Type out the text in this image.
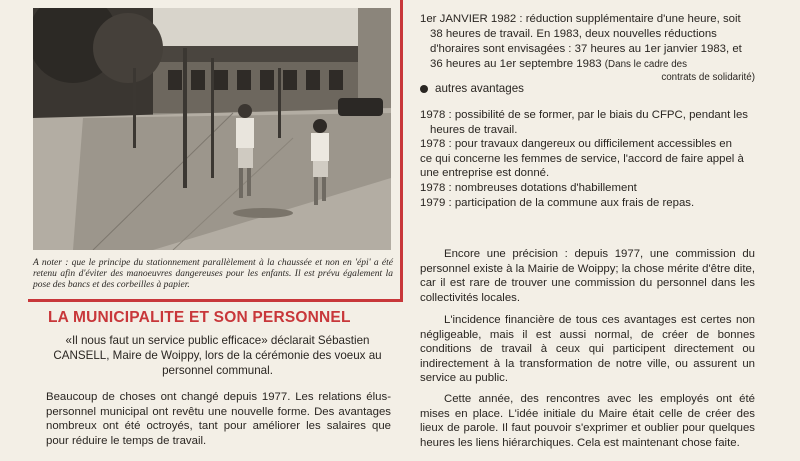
A noter : que le principe du stationnement parallèlement à la chaussée et non en 'épi' a été retenu afin d'éviter des manoeuvres dangereuses pour les enfants. Il est prévu également la pose des bancs et des corbeilles à papier.
LA MUNICIPALITE ET SON PERSONNEL
«Il nous faut un service public efficace» déclarait Sébastien CANSELL, Maire de Woippy, lors de la cérémonie des voeux au personnel communal.
Beaucoup de choses ont changé depuis 1977. Les relations élus-personnel municipal ont revêtu une nouvelle forme. Des avantages nombreux ont été octroyés, tant pour améliorer les salaires que pour réduire le temps de travail.
1er JANVIER 1982 : réduction supplémentaire d'une heure, soit
38 heures de travail. En 1983, deux nouvelles réductions
d'horaires sont envisagées : 37 heures au 1er janvier 1983, et
36 heures au 1er septembre 1983 (Dans le cadre des
contrats de solidarité)
autres avantages
1978 : possibilité de se former, par le biais du CFPC, pendant les
heures de travail.
1978 : pour travaux dangereux ou difficilement accessibles en
ce qui concerne les femmes de service, l'accord de faire appel à
une entreprise est donné.
1978 : nombreuses dotations d'habillement
1979 : participation de la commune aux frais de repas.
Encore une précision : depuis 1977, une commission du personnel existe à la Mairie de Woippy; la chose mérite d'être dite, car il est rare de trouver une commission du personnel dans les collectivités locales.
L'incidence financière de tous ces avantages est certes non négligeable, mais il est aussi normal, de créer de bonnes conditions de travail à ceux qui participent directement ou indirectement à la transformation de notre ville, ou assurent un service au public.
Cette année, des rencontres avec les employés ont été mises en place. L'idée initiale du Maire était celle de créer des lieux de parole. Il faut pouvoir s'exprimer et oublier pour quelques heures les liens hiérarchiques. Cela est maintenant chose faite.
